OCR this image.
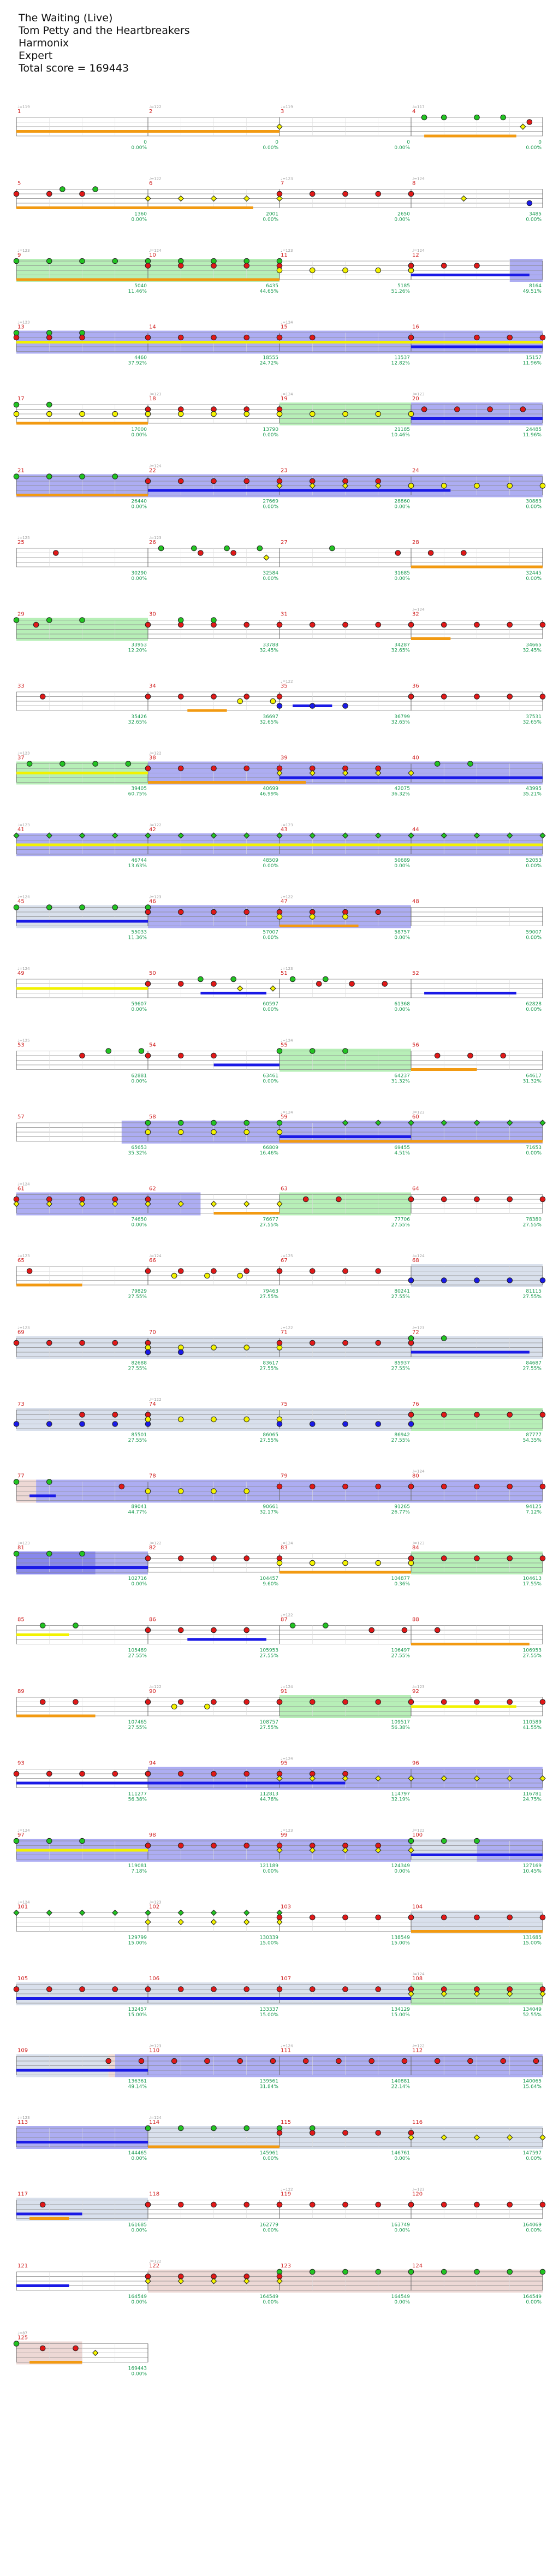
The Waiting (Live)
Tom Petty and the Heartbreakers
Harmonix
Expert
Total score = 169443
1
♩=119
0
0.00%
2
♩=122
0
0.00%
3
♩=119
0
0.00%
4
♩=117
0
0.00%
5
1360
0.00%
6
♩=122
2001
0.00%
7
♩=123
2650
0.00%
8
♩=124
3485
0.00%
9
♩=123
5040
11.46%
10
♩=124
6435
44.65%
11
♩=123
5185
51.26%
12
♩=124
8164
49.51%
13
♩=123
4460
37.92%
14
18555
24.72%
15
♩=124
13537
12.82%
16
15157
11.96%
17
17000
0.00%
18
♩=123
13790
0.00%
19
♩=124
21185
10.46%
20
♩=123
24485
11.96%
21
26440
0.00%
22
♩=124
27669
0.00%
23
28860
0.00%
24
30883
0.00%
25
♩=125
30290
0.00%
26
♩=123
32584
0.00%
27
31685
0.00%
28
32445
0.00%
29
33953
12.20%
30
33788
32.45%
31
34287
32.65%
32
♩=124
34665
32.45%
33
35426
32.65%
34
36697
32.65%
35
♩=122
36799
32.65%
36
37531
32.65%
37
♩=123
39405
60.75%
38
♩=122
40699
46.99%
39
42075
36.32%
40
43995
35.21%
41
♩=123
46744
13.63%
42
♩=122
48509
0.00%
43
♩=123
50689
0.00%
44
52053
0.00%
45
♩=124
55033
11.36%
46
♩=123
57007
0.00%
47
♩=122
58757
0.00%
48
59007
0.00%
49
♩=124
59607
0.00%
50
60597
0.00%
51
♩=123
61368
0.00%
52
62828
0.00%
53
♩=125
62881
0.00%
54
63461
0.00%
55
♩=124
64237
31.32%
56
64617
31.32%
57
65653
35.32%
58
66809
16.46%
59
♩=124
69455
4.51%
60
♩=123
71653
0.00%
61
♩=124
74650
0.00%
62
76677
27.55%
63
77706
27.55%
64
78380
27.55%
65
♩=123
79829
27.55%
66
♩=124
79463
27.55%
67
♩=125
80241
27.55%
68
♩=124
81115
27.55%
69
♩=123
82688
27.55%
70
83617
27.55%
71
♩=122
85937
27.55%
72
♩=123
84687
27.55%
73
85501
27.55%
74
♩=122
86065
27.55%
75
86942
27.55%
76
87777
54.35%
77
89041
44.77%
78
90661
32.17%
79
91265
26.77%
80
♩=124
94125
7.12%
81
♩=123
102716
0.00%
82
♩=122
104457
9.60%
83
♩=124
104877
0.36%
84
♩=123
104613
17.55%
85
105489
27.55%
86
105953
27.55%
87
♩=122
106497
27.55%
88
106953
27.55%
89
107465
27.55%
90
♩=122
108757
27.55%
91
♩=124
109517
56.38%
92
♩=123
110589
41.55%
93
111277
56.38%
94
112813
44.78%
95
♩=124
114797
32.19%
96
116781
24.75%
97
♩=124
119081
7.18%
98
121189
0.00%
99
♩=123
124349
0.00%
100
♩=122
127169
10.45%
101
♩=124
129799
15.00%
102
♩=123
130339
15.00%
103
138549
15.00%
104
131685
15.00%
105
132457
15.00%
106
133337
15.00%
107
134129
15.00%
108
♩=124
134049
52.55%
109
136361
49.14%
110
♩=123
139561
31.84%
111
♩=124
140881
22.14%
112
♩=122
140065
15.64%
113
♩=123
144465
0.00%
114
♩=124
145961
0.00%
115
146761
0.00%
116
147597
0.00%
117
161685
0.00%
118
162779
0.00%
119
♩=122
163749
0.00%
120
♩=123
164069
0.00%
121
164549
0.00%
122
♩=122
164549
0.00%
123
164549
0.00%
124
164549
0.00%
125
♩=87
169443
0.00%
